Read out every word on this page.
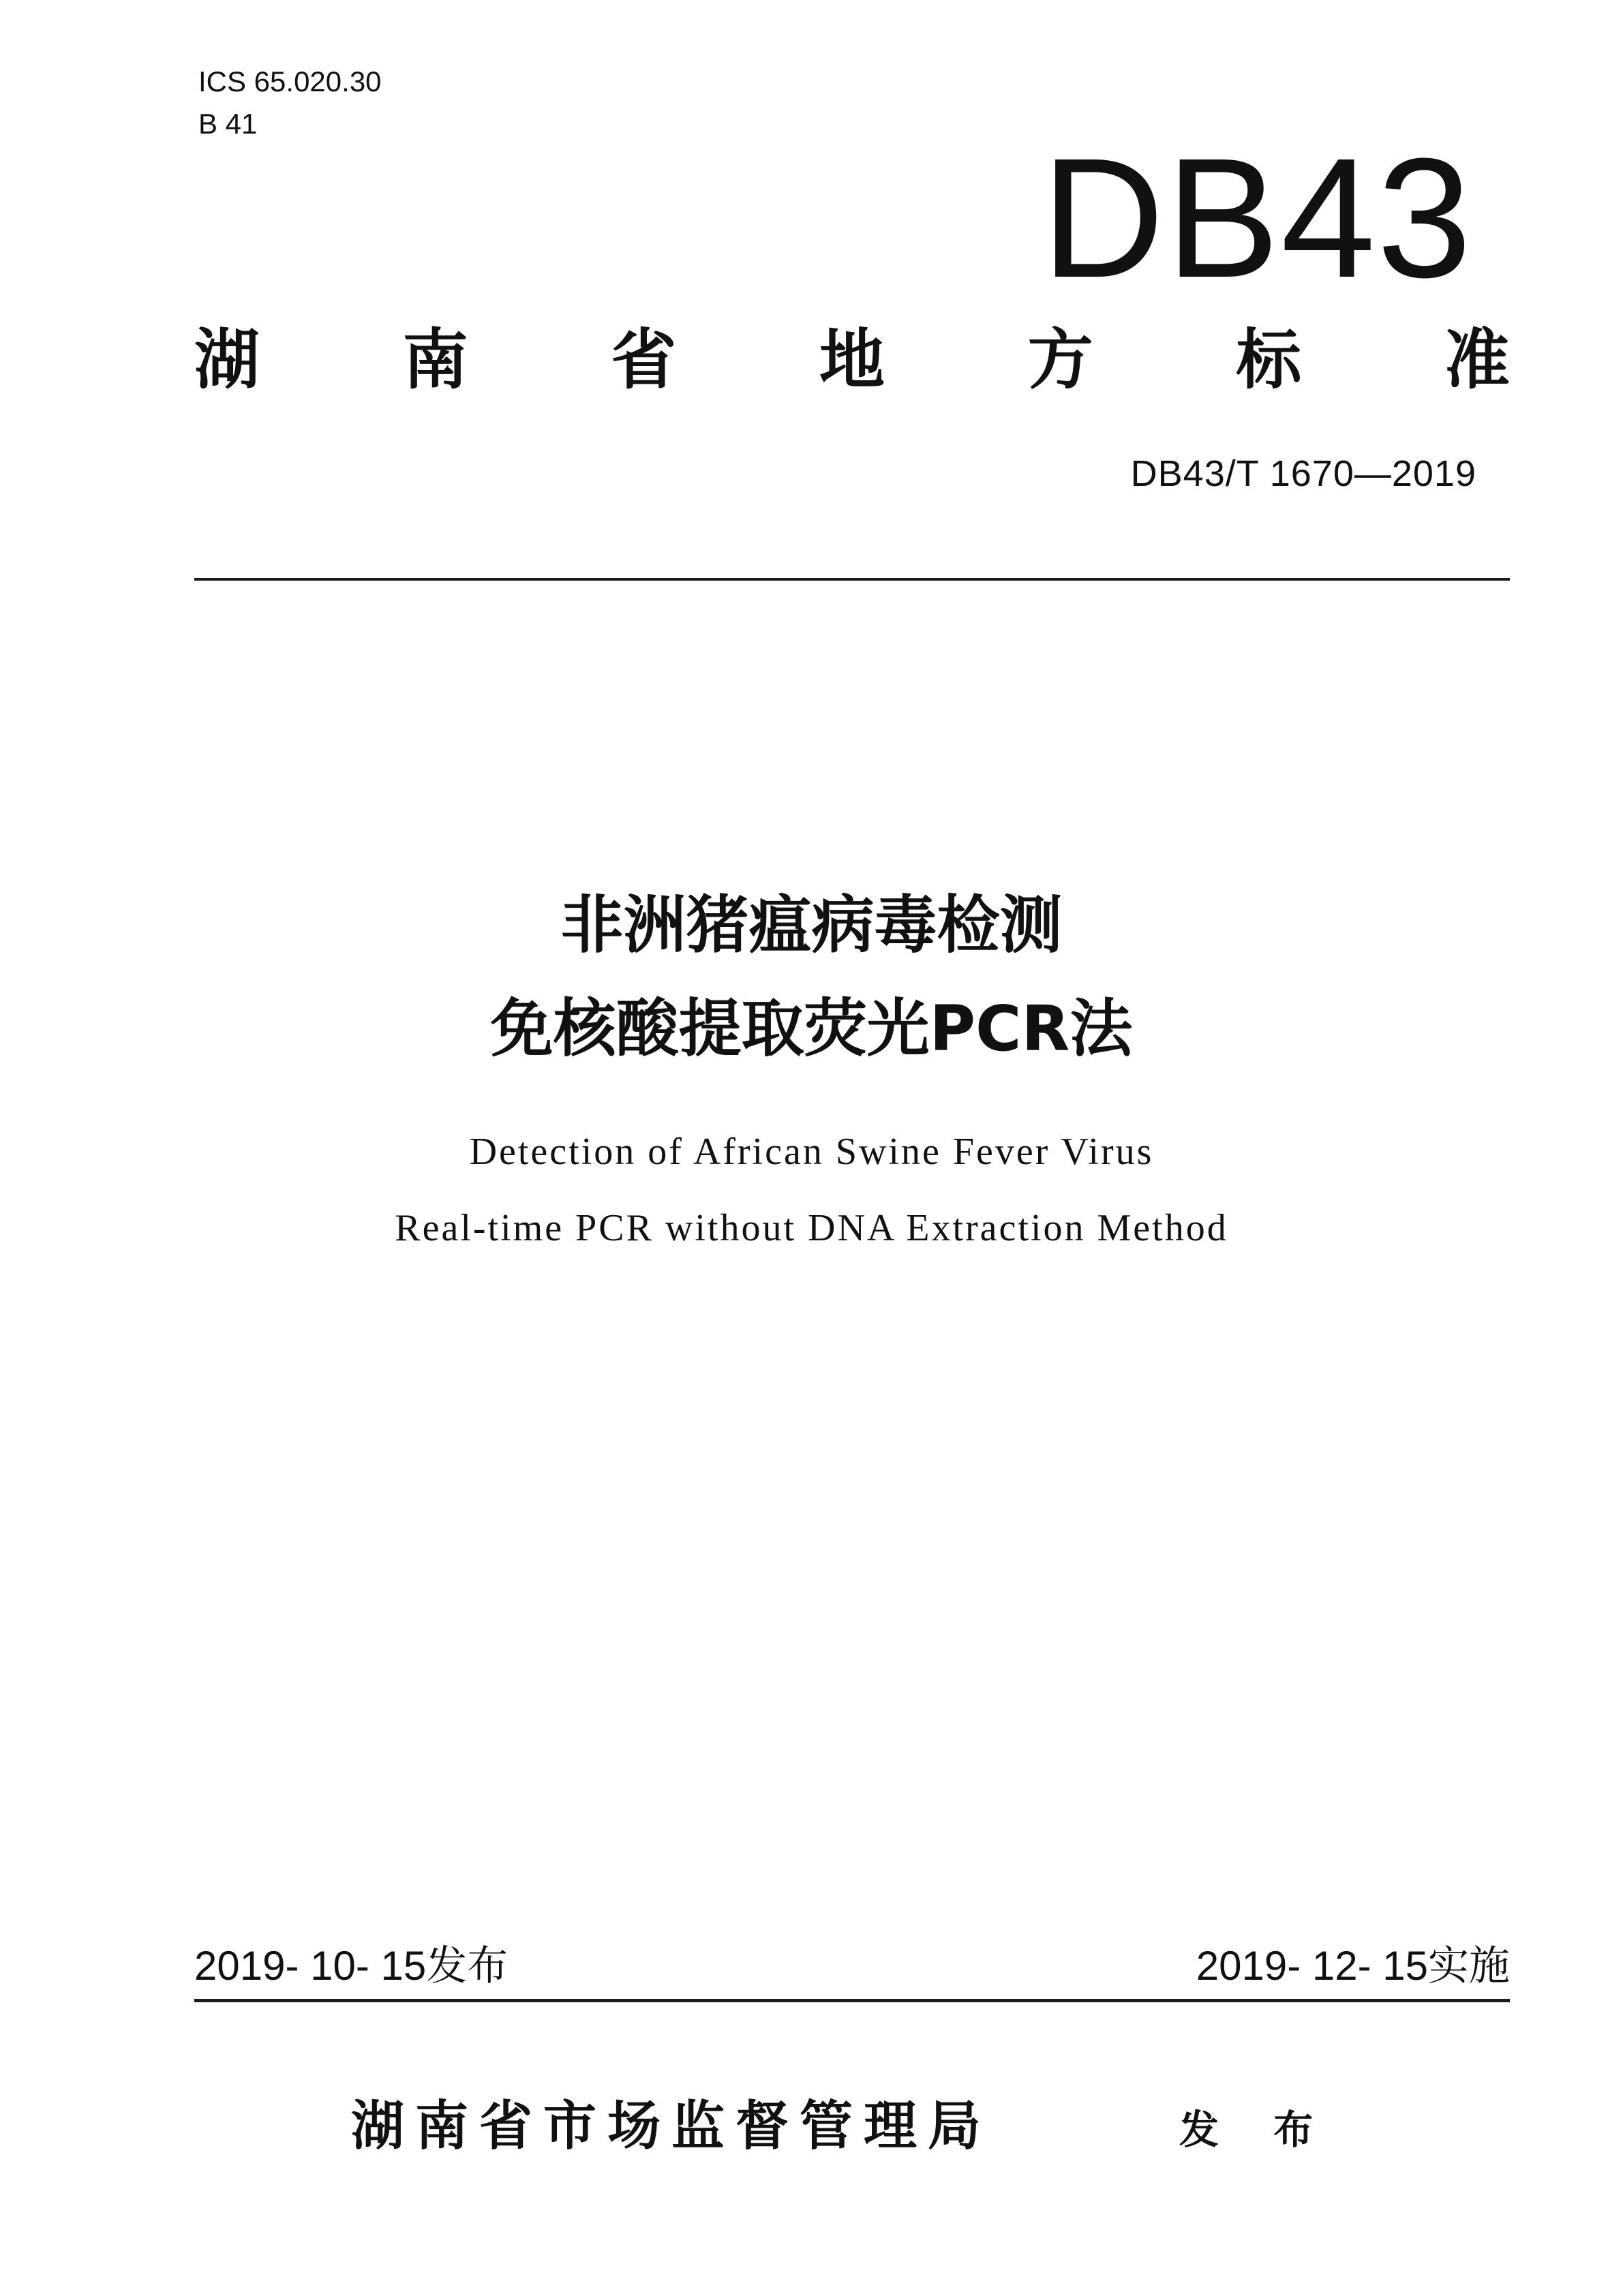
ICS 65.020.30
B 41	DB43
湖 南 省 地 方 标 准
DB43/T 1670—2019
非洲猪瘟病毒检测
免核酸提取荧光PCR法
Detection of African Swine Fever Virus
Real-time PCR without DNA Extraction Method
2019- 10- 15发布	2019- 12- 15实施
湖南省市场监督管理局	发 布
